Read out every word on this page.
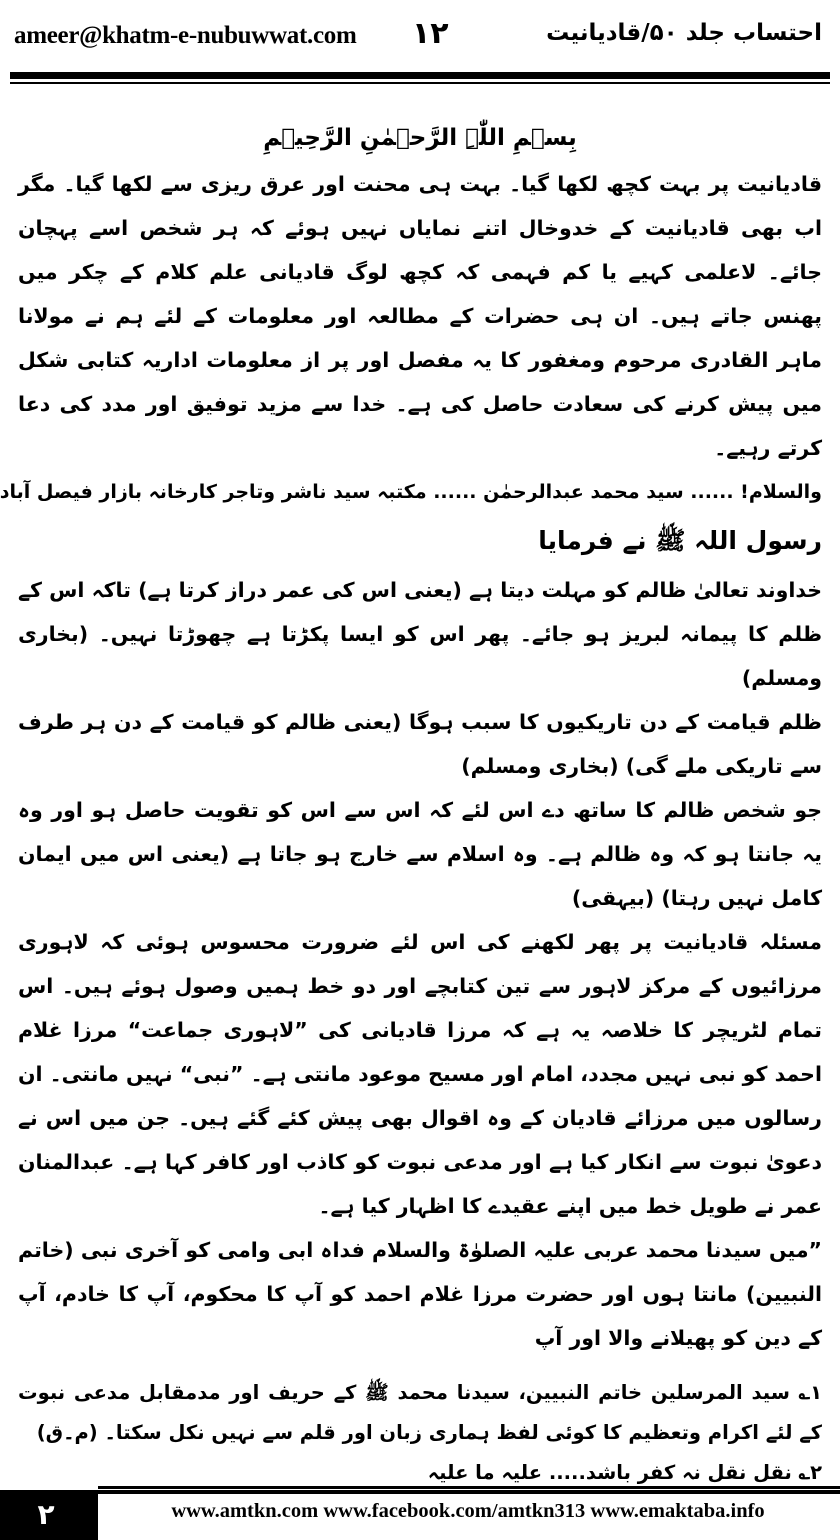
ameer@khatm-e-nubuwwat.com ۱۲	احتساب جلد ۵۰/قادیانیت

بِسۡمِ اللّٰہِ الرَّحۡمٰنِ الرَّحِیۡمِ

قادیانیت پر بہت کچھ لکھا گیا۔ بہت ہی محنت اور عرق ریزی سے لکھا گیا۔ مگر اب بھی قادیانیت کے خدوخال اتنے نمایاں نہیں ہوئے کہ ہر شخص اسے پہچان جائے۔ لاعلمی کہیے یا کم فہمی کہ کچھ لوگ قادیانی علم کلام کے چکر میں پھنس جاتے ہیں۔ ان ہی حضرات کے مطالعہ اور معلومات کے لئے ہم نے مولانا ماہر القادری مرحوم ومغفور کا یہ مفصل اور پر از معلومات اداریہ کتابی شکل میں پیش کرنے کی سعادت حاصل کی ہے۔ خدا سے مزید توفیق اور مدد کی دعا کرتے رہیے۔

والسلام! ...... سید محمد عبدالرحمٰن ...... مکتبہ سید ناشر وتاجر کارخانہ بازار فیصل آباد

رسول اللہ ﷺ نے فرمایا

خداوند تعالیٰ ظالم کو مہلت دیتا ہے (یعنی اس کی عمر دراز کرتا ہے) تاکہ اس کے ظلم کا پیمانہ لبریز ہو جائے۔ پھر اس کو ایسا پکڑتا ہے چھوڑتا نہیں۔ (بخاری ومسلم)

ظلم قیامت کے دن تاریکیوں کا سبب ہوگا (یعنی ظالم کو قیامت کے دن ہر طرف سے تاریکی ملے گی) (بخاری ومسلم)

جو شخص ظالم کا ساتھ دے اس لئے کہ اس سے اس کو تقویت حاصل ہو اور وہ یہ جانتا ہو کہ وہ ظالم ہے۔ وہ اسلام سے خارج ہو جاتا ہے (یعنی اس میں ایمان کامل نہیں رہتا) (بیہقی)

مسئلہ قادیانیت پر پھر لکھنے کی اس لئے ضرورت محسوس ہوئی کہ لاہوری مرزائیوں کے مرکز لاہور سے تین کتابچے اور دو خط ہمیں وصول ہوئے ہیں۔ اس تمام لٹریچر کا خلاصہ یہ ہے کہ مرزا قادیانی کی ”لاہوری جماعت“ مرزا غلام احمد کو نبی نہیں مجدد، امام اور مسیح موعود مانتی ہے۔ ”نبی“ نہیں مانتی۔ ان رسالوں میں مرزائے قادیان کے وہ اقوال بھی پیش کئے گئے ہیں۔ جن میں اس نے دعویٰ نبوت سے انکار کیا ہے اور مدعی نبوت کو کاذب اور کافر کہا ہے۔ عبدالمنان عمر نے طویل خط میں اپنے عقیدے کا اظہار کیا ہے۔

”میں سیدنا محمد عربی علیہ الصلوٰۃ والسلام فداہ ابی وامی کو آخری نبی (خاتم النبیین) مانتا ہوں اور حضرت مرزا غلام احمد کو آپ کا محکوم، آپ کا خادم، آپ کے دین کو پھیلانے والا اور آپ

۱؎ سید المرسلین خاتم النبیین، سیدنا محمد ﷺ کے حریف اور مدمقابل مدعی نبوت کے لئے اکرام وتعظیم کا کوئی لفظ ہماری زبان اور قلم سے نہیں نکل سکتا۔ (م۔ق)

۲؎ نقل نقل نہ کفر باشد..... علیہ ما علیہ

۲	www.amtkn.com www.facebook.com/amtkn313 www.emaktaba.info
